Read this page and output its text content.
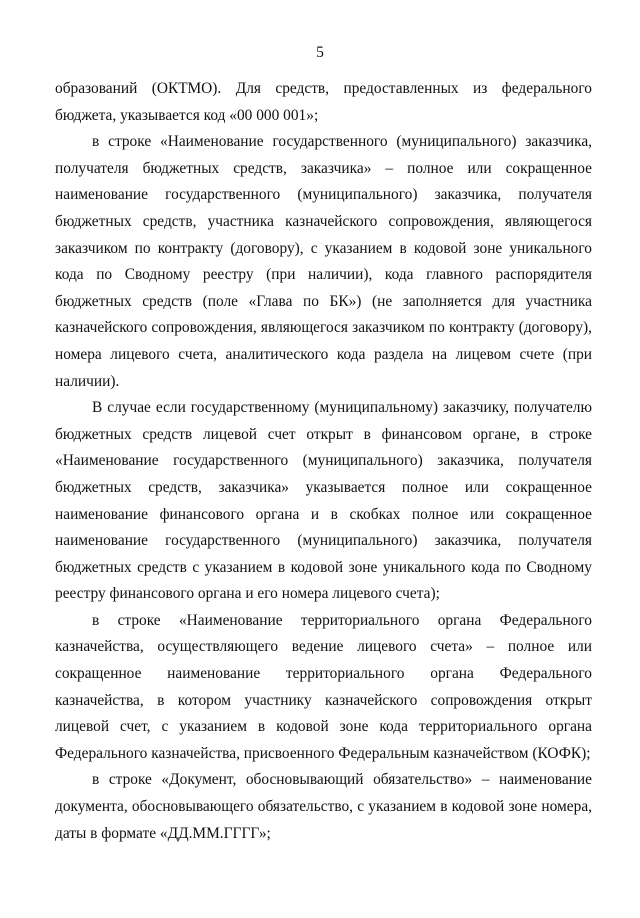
5

образований (ОКТМО). Для средств, предоставленных из федерального бюджета, указывается код «00 000 001»;

в строке «Наименование государственного (муниципального) заказчика, получателя бюджетных средств, заказчика» – полное или сокращенное наименование государственного (муниципального) заказчика, получателя бюджетных средств, участника казначейского сопровождения, являющегося заказчиком по контракту (договору), с указанием в кодовой зоне уникального кода по Сводному реестру (при наличии), кода главного распорядителя бюджетных средств (поле «Глава по БК») (не заполняется для участника казначейского сопровождения, являющегося заказчиком по контракту (договору), номера лицевого счета, аналитического кода раздела на лицевом счете (при наличии).

В случае если государственному (муниципальному) заказчику, получателю бюджетных средств лицевой счет открыт в финансовом органе, в строке «Наименование государственного (муниципального) заказчика, получателя бюджетных средств, заказчика» указывается полное или сокращенное наименование финансового органа и в скобках полное или сокращенное наименование государственного (муниципального) заказчика, получателя бюджетных средств с указанием в кодовой зоне уникального кода по Сводному реестру финансового органа и его номера лицевого счета);

в строке «Наименование территориального органа Федерального казначейства, осуществляющего ведение лицевого счета» – полное или сокращенное наименование территориального органа Федерального казначейства, в котором участнику казначейского сопровождения открыт лицевой счет, с указанием в кодовой зоне кода территориального органа Федерального казначейства, присвоенного Федеральным казначейством (КОФК);

в строке «Документ, обосновывающий обязательство» – наименование документа, обосновывающего обязательство, с указанием в кодовой зоне номера, даты в формате «ДД.ММ.ГГГГ»;
